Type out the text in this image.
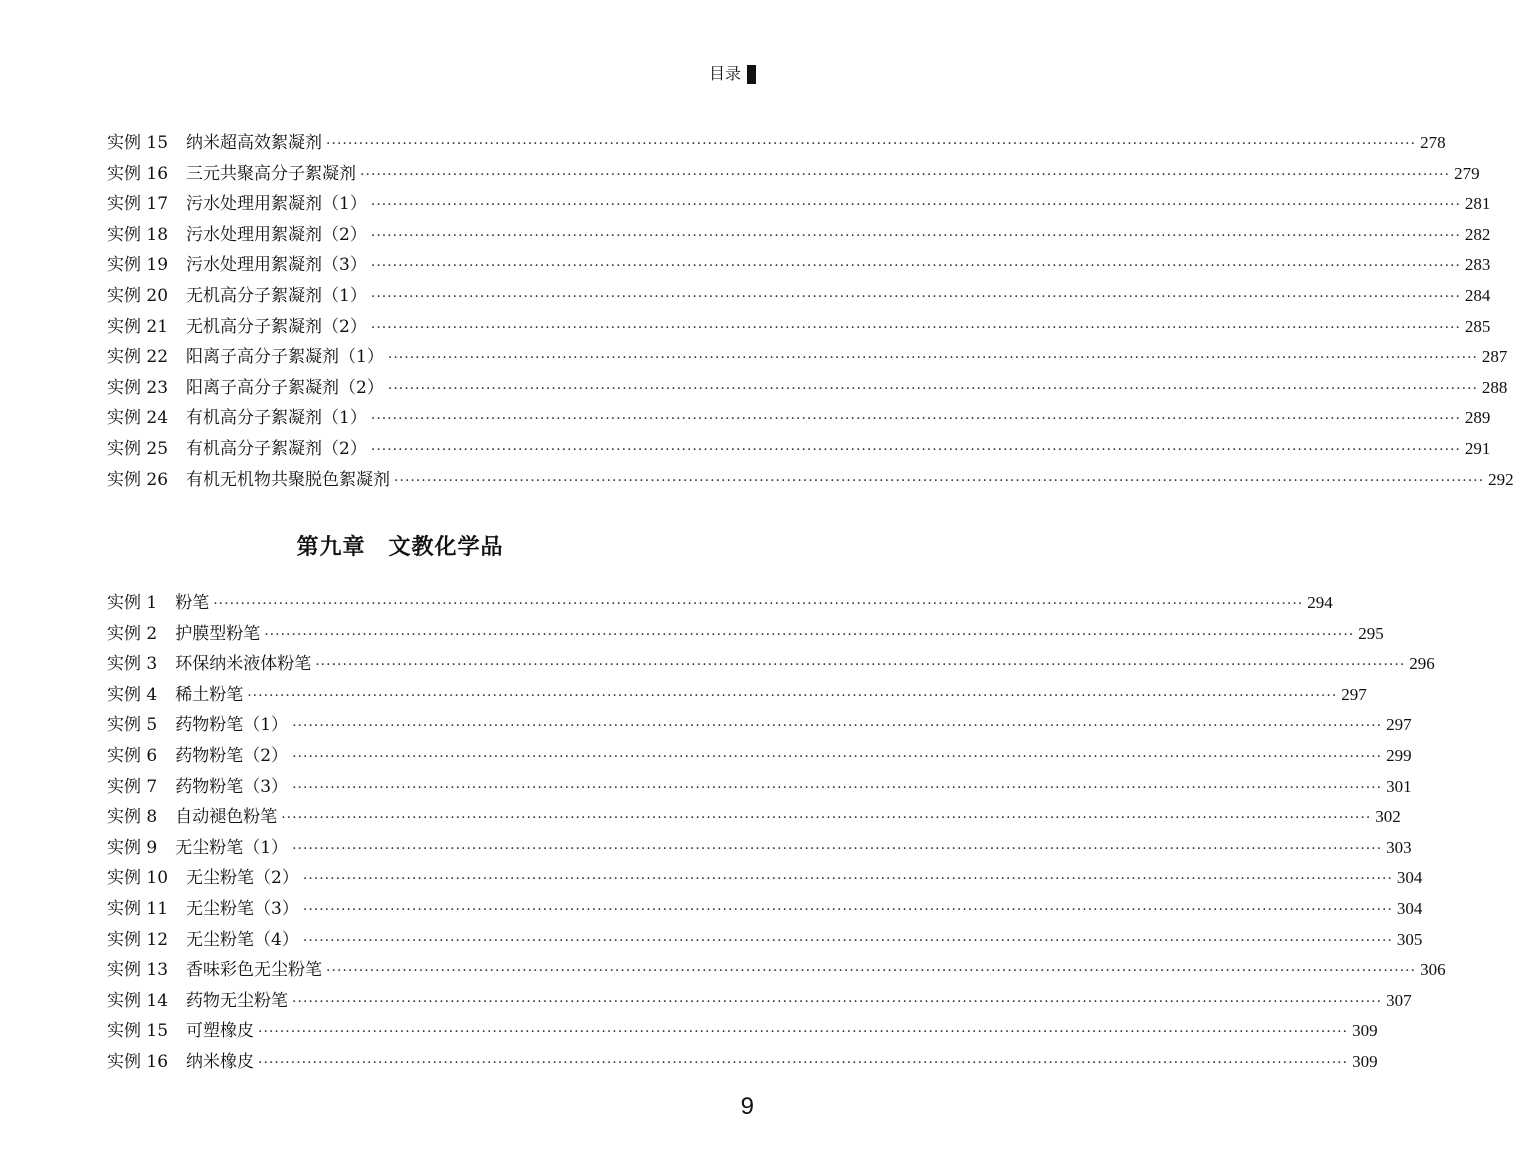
目录
实例 15 纳米超高效絮凝剂 ········································································································································································································ 278
实例 16 三元共聚高分子絮凝剂 ········································································································································································································ 279
实例 17 污水处理用絮凝剂（1） ········································································································································································································ 281
实例 18 污水处理用絮凝剂（2） ········································································································································································································ 282
实例 19 污水处理用絮凝剂（3） ········································································································································································································ 283
实例 20 无机高分子絮凝剂（1） ········································································································································································································ 284
实例 21 无机高分子絮凝剂（2） ········································································································································································································ 285
实例 22 阳离子高分子絮凝剂（1） ········································································································································································································ 287
实例 23 阳离子高分子絮凝剂（2） ········································································································································································································ 288
实例 24 有机高分子絮凝剂（1） ········································································································································································································ 289
实例 25 有机高分子絮凝剂（2） ········································································································································································································ 291
实例 26 有机无机物共聚脱色絮凝剂 ········································································································································································································ 292
第九章　文教化学品
实例 1 粉笔 ········································································································································································································ 294
实例 2 护膜型粉笔 ········································································································································································································ 295
实例 3 环保纳米液体粉笔 ········································································································································································································ 296
实例 4 稀土粉笔 ········································································································································································································ 297
实例 5 药物粉笔（1） ········································································································································································································ 297
实例 6 药物粉笔（2） ········································································································································································································ 299
实例 7 药物粉笔（3） ········································································································································································································ 301
实例 8 自动褪色粉笔 ········································································································································································································ 302
实例 9 无尘粉笔（1） ········································································································································································································ 303
实例 10 无尘粉笔（2） ········································································································································································································ 304
实例 11 无尘粉笔（3） ········································································································································································································ 304
实例 12 无尘粉笔（4） ········································································································································································································ 305
实例 13 香味彩色无尘粉笔 ········································································································································································································ 306
实例 14 药物无尘粉笔 ········································································································································································································ 307
实例 15 可塑橡皮 ········································································································································································································ 309
实例 16 纳米橡皮 ········································································································································································································ 309
9
